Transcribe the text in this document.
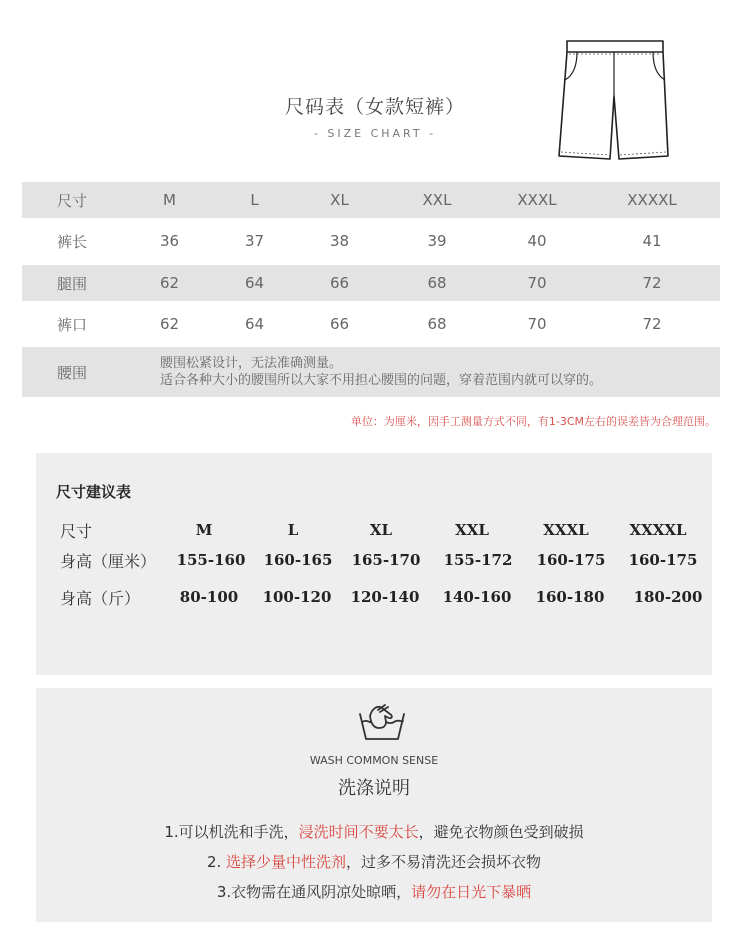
尺码表（女款短裤）
- SIZE CHART -
尺寸	M	L	XL	XXL	XXXL	XXXXL
裤长	36	37	38	39	40	41
腿围	62	64	66	68	70	72
裤口	62	64	66	68	70	72
腰围	腰围松紧设计，无法准确测量。
适合各种大小的腰围所以大家不用担心腰围的问题，穿着范围内就可以穿的。
单位：为厘米，因手工测量方式不同，有1-3CM左右的误差皆为合理范围。
尺寸建议表
尺寸	M	L	XL	XXL	XXXL	XXXXL
身高（厘米）	155-160	160-165	165-170	155-172	160-175	160-175
身高（斤）	80-100	100-120	120-140	140-160	160-180	180-200
WASH COMMON SENSE
洗涤说明
1.可以机洗和手洗，浸洗时间不要太长，避免衣物颜色受到破损
2. 选择少量中性洗剂，过多不易清洗还会损坏衣物
3.衣物需在通风阴凉处晾晒，请勿在日光下暴晒
